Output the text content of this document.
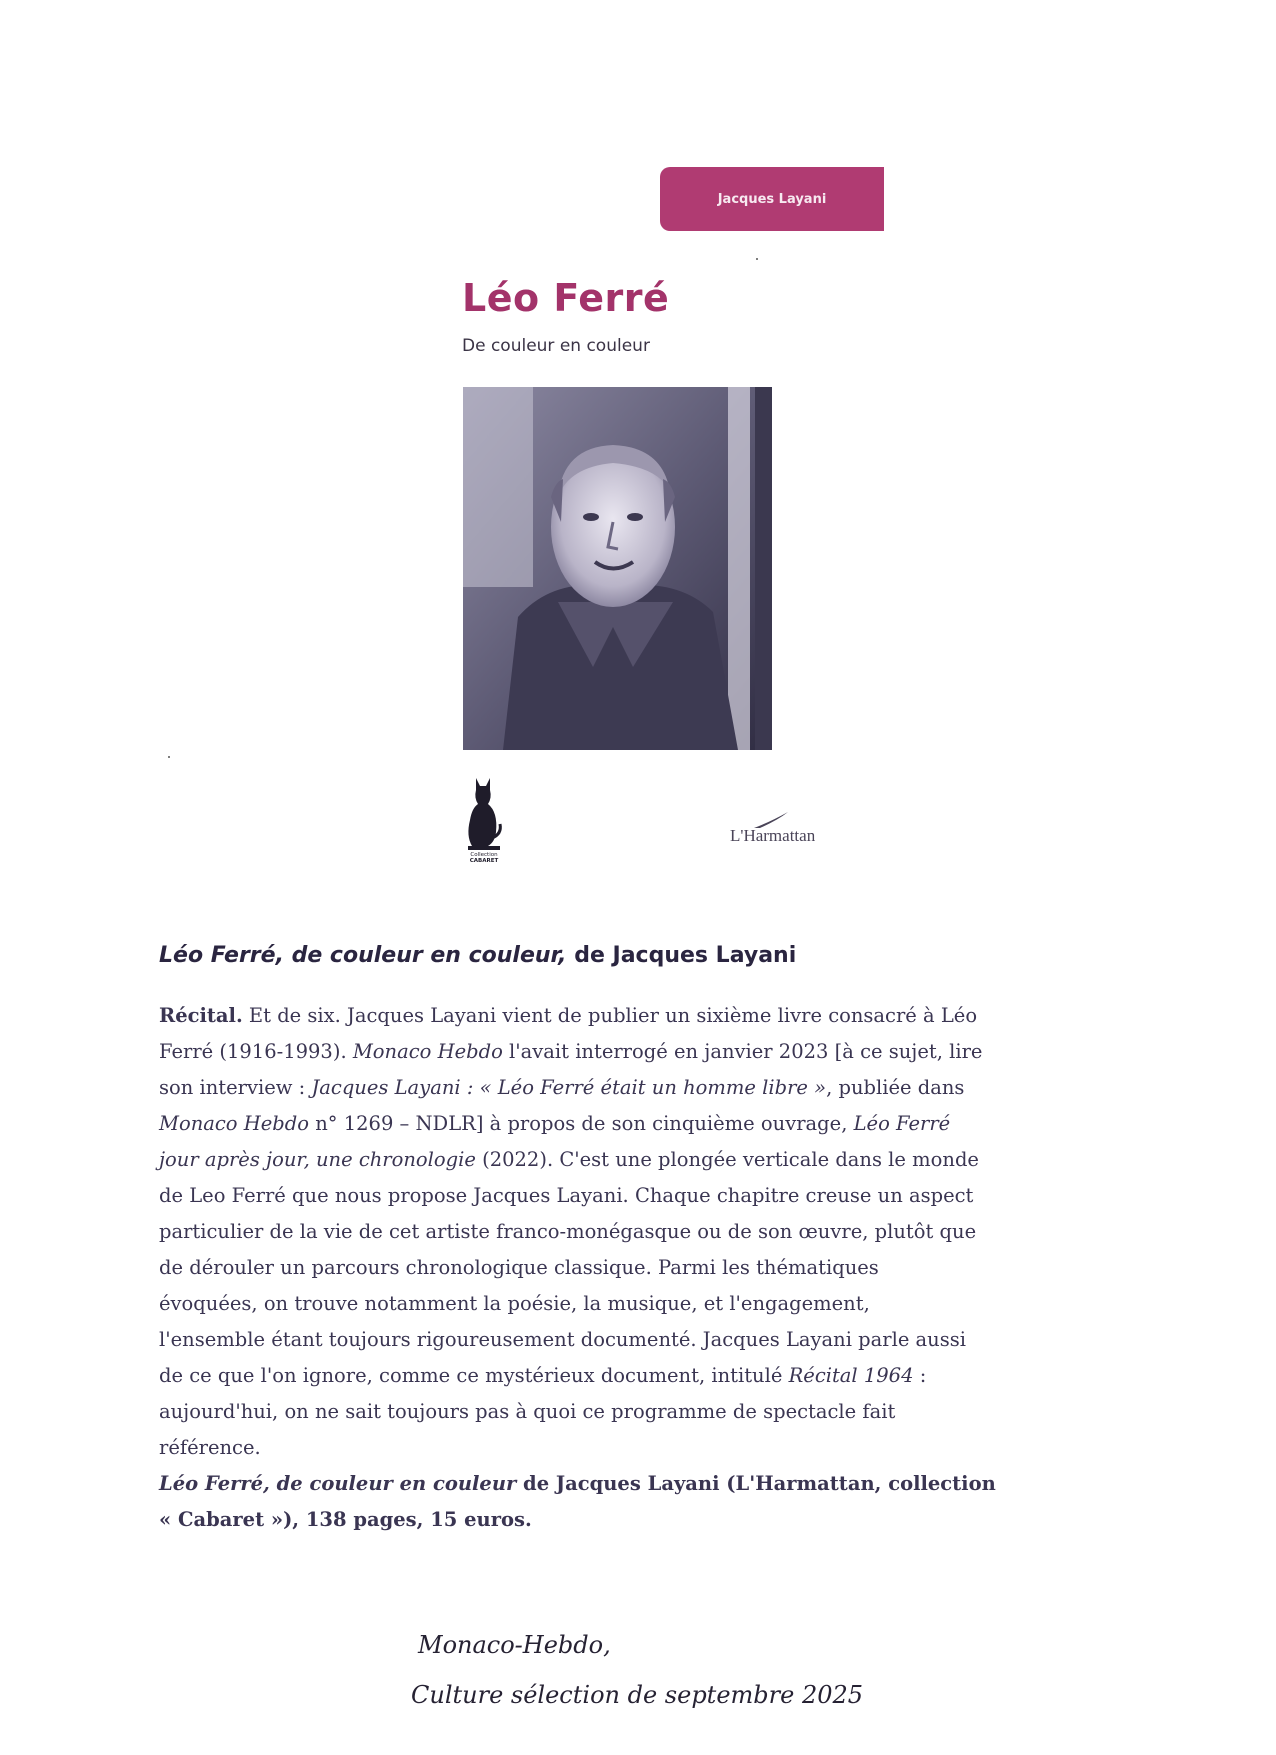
Jacques Layani
Léo Ferré
De couleur en couleur
Collection
CABARET
L'Harmattan
Léo Ferré, de couleur en couleur, de Jacques Layani
Récital. Et de six. Jacques Layani vient de publier un sixième livre consacré à Léo
Ferré (1916-1993). Monaco Hebdo l'avait interrogé en janvier 2023 [à ce sujet, lire
son interview : Jacques Layani : « Léo Ferré était un homme libre », publiée dans
Monaco Hebdo n° 1269 – NDLR] à propos de son cinquième ouvrage, Léo Ferré
jour après jour, une chronologie (2022). C'est une plongée verticale dans le monde
de Leo Ferré que nous propose Jacques Layani. Chaque chapitre creuse un aspect
particulier de la vie de cet artiste franco-monégasque ou de son œuvre, plutôt que
de dérouler un parcours chronologique classique. Parmi les thématiques
évoquées, on trouve notamment la poésie, la musique, et l'engagement,
l'ensemble étant toujours rigoureusement documenté. Jacques Layani parle aussi
de ce que l'on ignore, comme ce mystérieux document, intitulé Récital 1964 :
aujourd'hui, on ne sait toujours pas à quoi ce programme de spectacle fait
référence.
Léo Ferré, de couleur en couleur de Jacques Layani (L'Harmattan, collection
« Cabaret »), 138 pages, 15 euros.
Monaco-Hebdo,
Culture sélection de septembre 2025
